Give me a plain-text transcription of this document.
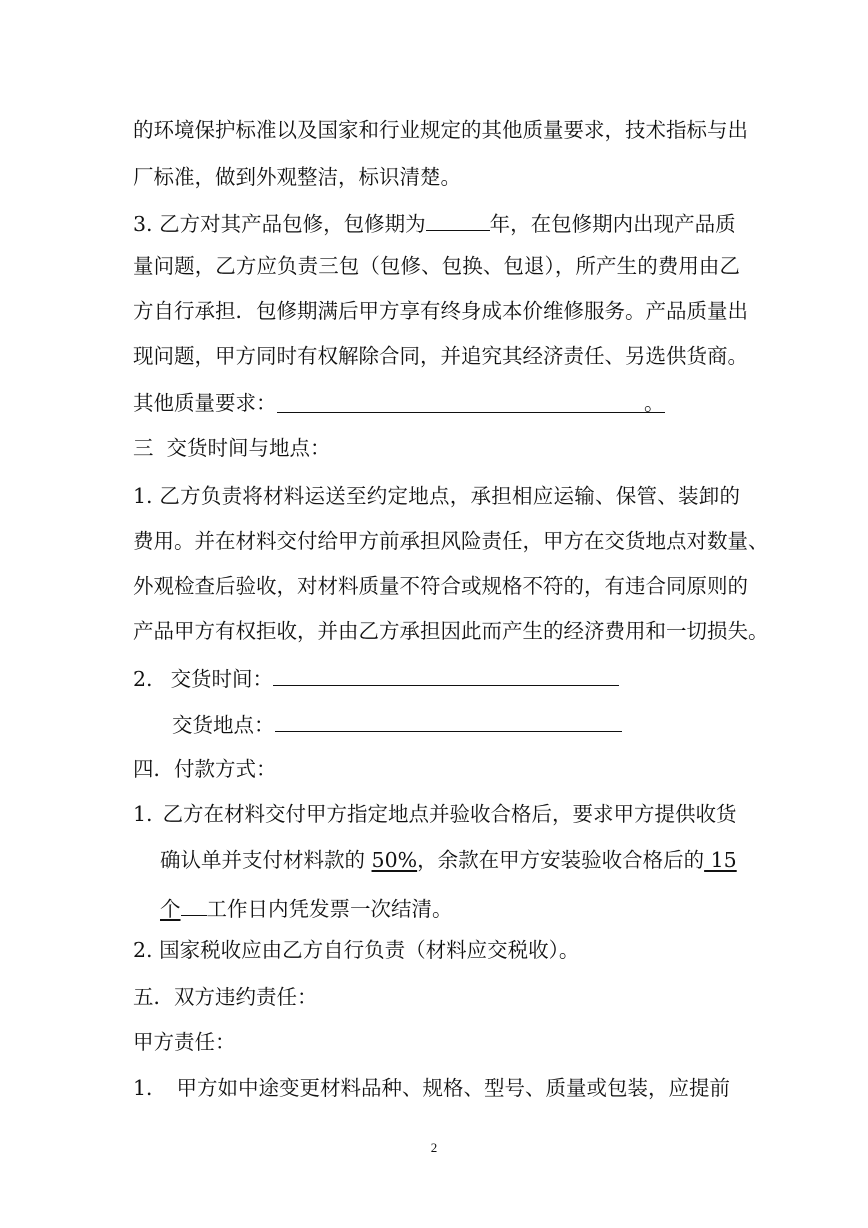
的环境保护标准以及国家和行业规定的其他质量要求，技术指标与出
厂标准，做到外观整洁，标识清楚。
3. 乙方对其产品包修，包修期为	年，在包修期内出现产品质
量问题，乙方应负责三包（包修、包换、包退），所产生的费用由乙
方自行承担．包修期满后甲方享有终身成本价维修服务。产品质量出
现问题，甲方同时有权解除合同，并追究其经济责任、另选供货商。
其他质量要求：	。
三  交货时间与地点：
1. 乙方负责将材料运送至约定地点，承担相应运输、保管、装卸的
费用。并在材料交付给甲方前承担风险责任，甲方在交货地点对数量、
外观检查后验收，对材料质量不符合或规格不符的，有违合同原则的
产品甲方有权拒收，并由乙方承担因此而产生的经济费用和一切损失。
2. 交货时间：
交货地点：
四．付款方式：
1. 乙方在材料交付甲方指定地点并验收合格后，要求甲方提供收货
确认单并支付材料款的 50%，余款在甲方安装验收合格后的 15
个 工作日内凭发票一次结清。
2. 国家税收应由乙方自行负责（材料应交税收）。
五．双方违约责任：
甲方责任：
1． 甲方如中途变更材料品种、规格、型号、质量或包装，应提前
2
